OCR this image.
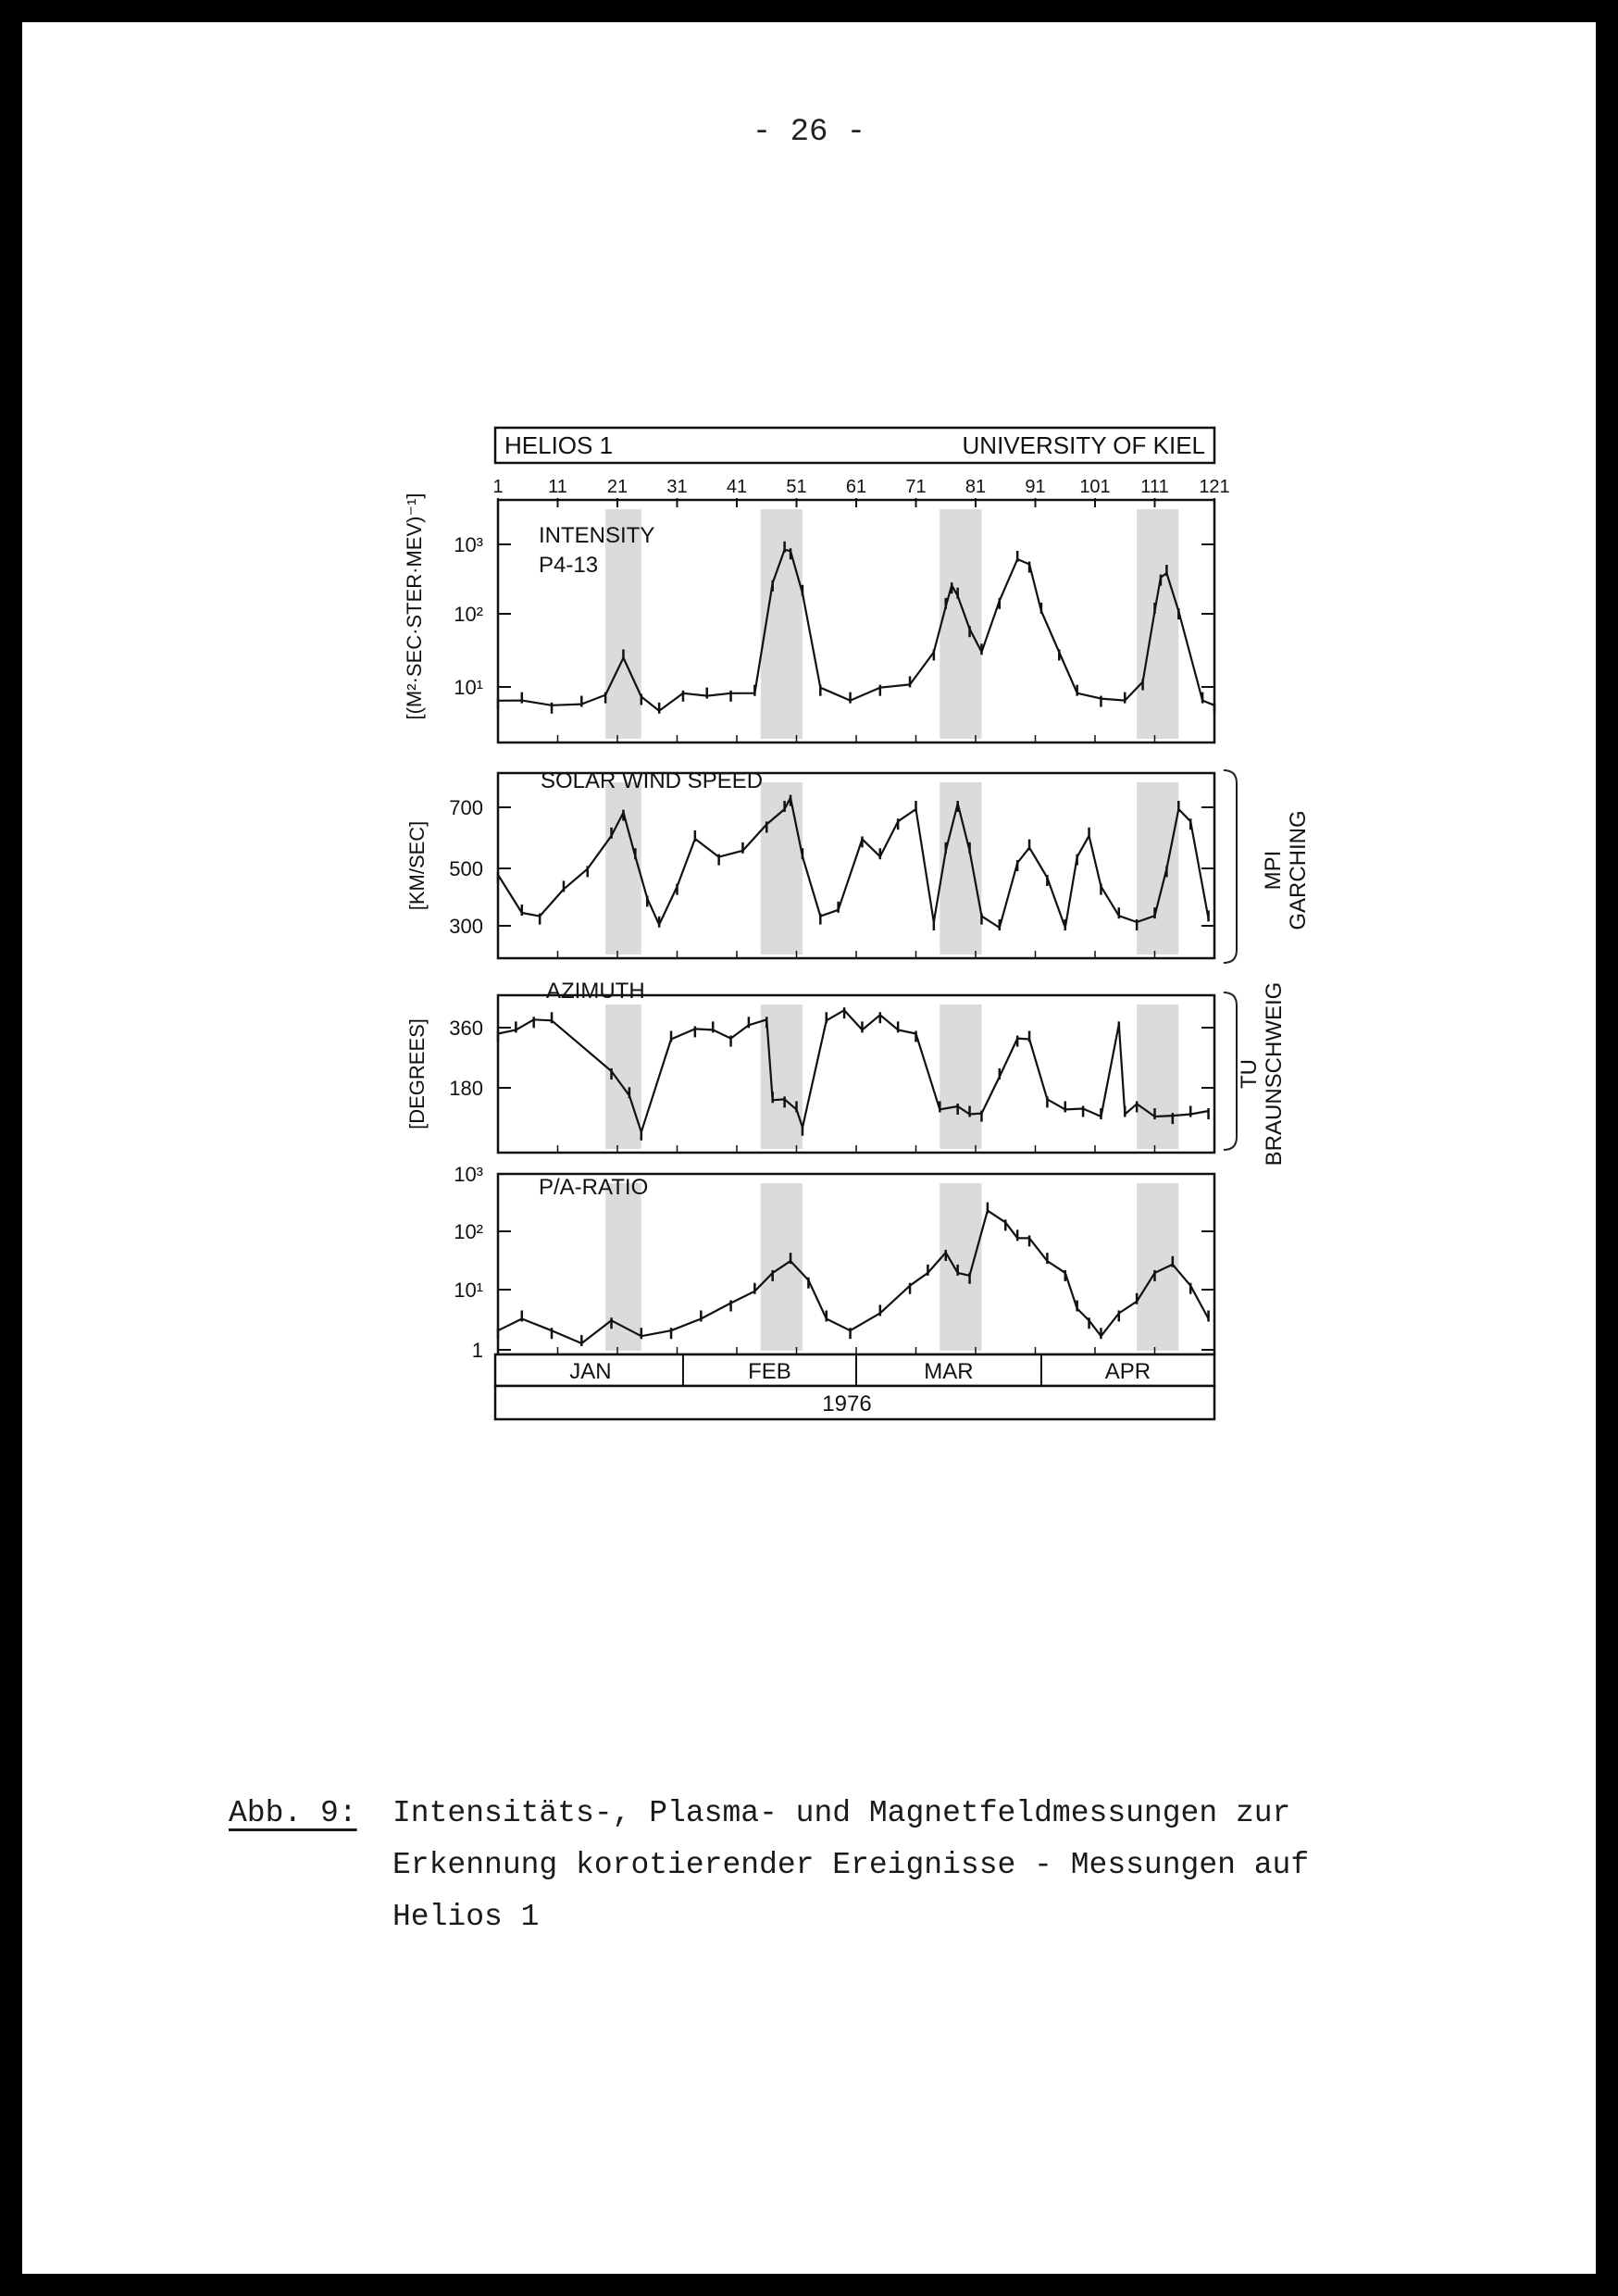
- 26 -
HELIOS 1	UNIVERSITY OF KIEL
1 11 21 31 41 51 61 71 81 91 101 111 121
10³
10²
10¹
700
500
300
360
180
10³
10²
10¹
1
INTENSITY
P4-13
SOLAR WIND SPEED
AZIMUTH
P/A-RATIO
[(M²·SEC·STER·MEV)⁻¹]
[KM/SEC]
[DEGREES]
MPI GARCHING
TU BRAUNSCHWEIG
JAN	FEB	MAR	APR
1976
Abb. 9: Intensitäts-, Plasma- und Magnetfeldmessungen zur
Erkennung korotierender Ereignisse - Messungen auf
Helios 1
